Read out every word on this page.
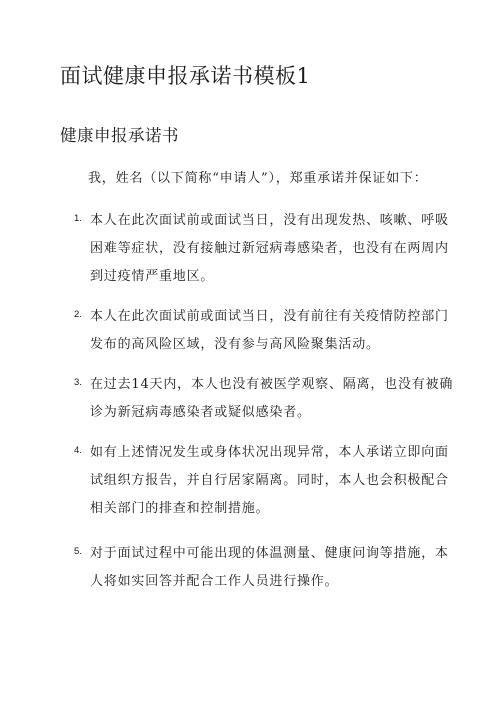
面试健康申报承诺书模板1
健康申报承诺书

我，姓名（以下简称“申请人”），郑重承诺并保证如下：

1. 本人在此次面试前或面试当日，没有出现发热、咳嗽、呼吸

困难等症状，没有接触过新冠病毒感染者，也没有在两周内

到过疫情严重地区。

2. 本人在此次面试前或面试当日，没有前往有关疫情防控部门

发布的高风险区域，没有参与高风险聚集活动。

3. 在过去14天内，本人也没有被医学观察、隔离，也没有被确

诊为新冠病毒感染者或疑似感染者。

4. 如有上述情况发生或身体状况出现异常，本人承诺立即向面

试组织方报告，并自行居家隔离。同时，本人也会积极配合

相关部门的排查和控制措施。

5. 对于面试过程中可能出现的体温测量、健康问询等措施，本

人将如实回答并配合工作人员进行操作。
